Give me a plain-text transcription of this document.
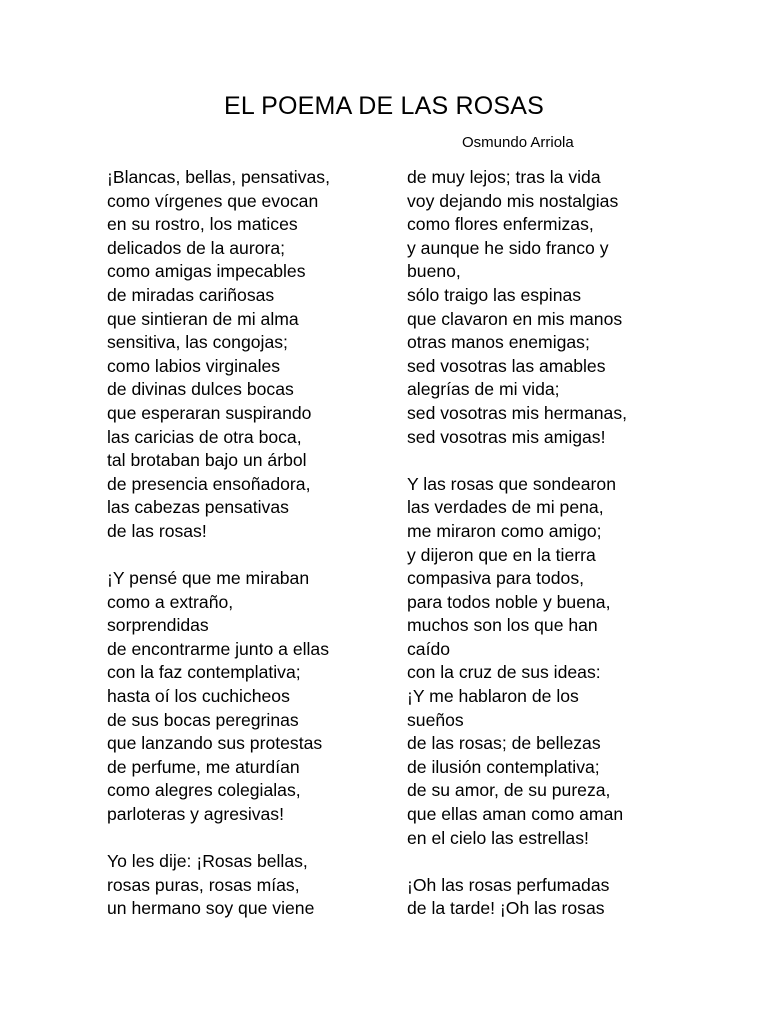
EL POEMA DE LAS ROSAS
Osmundo Arriola
¡Blancas, bellas, pensativas,
como vírgenes que evocan
en su rostro, los matices
delicados de la aurora;
como amigas impecables
de miradas cariñosas
que sintieran de mi alma
sensitiva, las congojas;
como labios virginales
de divinas dulces bocas
que esperaran suspirando
las caricias de otra boca,
tal brotaban bajo un árbol
de presencia ensoñadora,
las cabezas pensativas
de las rosas!
¡Y pensé que me miraban
como a extraño,
sorprendidas
de encontrarme junto a ellas
con la faz contemplativa;
hasta oí los cuchicheos
de sus bocas peregrinas
que lanzando sus protestas
de perfume, me aturdían
como alegres colegialas,
parloteras y agresivas!
Yo les dije: ¡Rosas bellas,
rosas puras, rosas mías,
un hermano soy que viene
de muy lejos; tras la vida
voy dejando mis nostalgias
como flores enfermizas,
y aunque he sido franco y
bueno,
sólo traigo las espinas
que clavaron en mis manos
otras manos enemigas;
sed vosotras las amables
alegrías de mi vida;
sed vosotras mis hermanas,
sed vosotras mis amigas!
Y las rosas que sondearon
las verdades de mi pena,
me miraron como amigo;
y dijeron que en la tierra
compasiva para todos,
para todos noble y buena,
muchos son los que han
caído
con la cruz de sus ideas:
¡Y me hablaron de los
sueños
de las rosas; de bellezas
de ilusión contemplativa;
de su amor, de su pureza,
que ellas aman como aman
en el cielo las estrellas!
¡Oh las rosas perfumadas
de la tarde! ¡Oh las rosas
